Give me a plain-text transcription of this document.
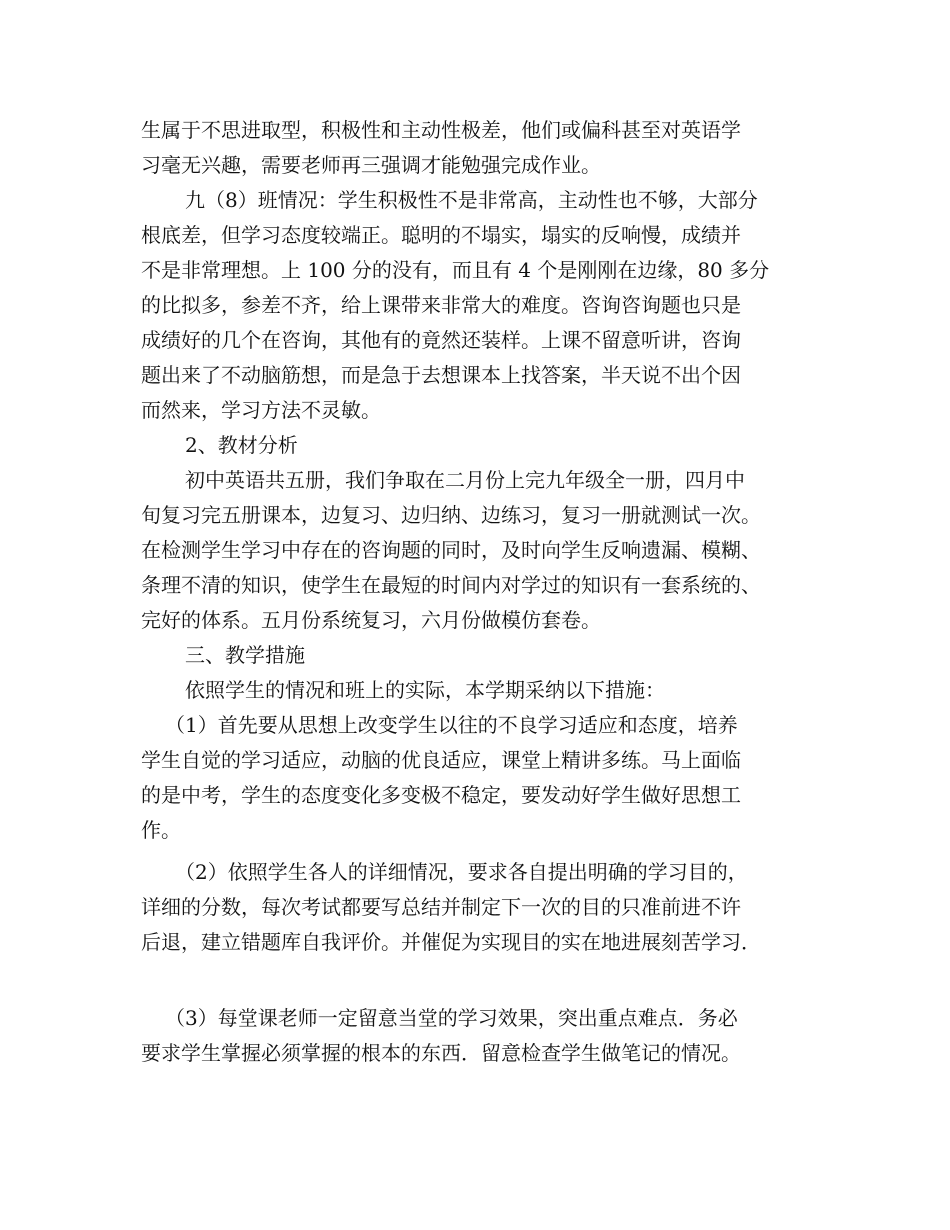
生属于不思进取型，积极性和主动性极差，他们或偏科甚至对英语学
习毫无兴趣，需要老师再三强调才能勉强完成作业。
九（8）班情况：学生积极性不是非常高，主动性也不够，大部分
根底差，但学习态度较端正。聪明的不塌实，塌实的反响慢，成绩并
不是非常理想。上 100 分的没有，而且有 4 个是刚刚在边缘，80 多分
的比拟多，参差不齐，给上课带来非常大的难度。咨询咨询题也只是
成绩好的几个在咨询，其他有的竟然还装样。上课不留意听讲，咨询
题出来了不动脑筋想，而是急于去想课本上找答案，半天说不出个因
而然来，学习方法不灵敏。
2、教材分析
初中英语共五册，我们争取在二月份上完九年级全一册，四月中
旬复习完五册课本，边复习、边归纳、边练习，复习一册就测试一次。
在检测学生学习中存在的咨询题的同时，及时向学生反响遗漏、模糊、
条理不清的知识，使学生在最短的时间内对学过的知识有一套系统的、
完好的体系。五月份系统复习，六月份做模仿套卷。
三、教学措施
依照学生的情况和班上的实际，本学期采纳以下措施：
（1）首先要从思想上改变学生以往的不良学习适应和态度，培养
学生自觉的学习适应，动脑的优良适应，课堂上精讲多练。马上面临
的是中考，学生的态度变化多变极不稳定，要发动好学生做好思想工
作。
（2）依照学生各人的详细情况，要求各自提出明确的学习目的，
详细的分数，每次考试都要写总结并制定下一次的目的只准前进不许
后退，建立错题库自我评价。并催促为实现目的实在地进展刻苦学习．
（3）每堂课老师一定留意当堂的学习效果，突出重点难点．务必
要求学生掌握必须掌握的根本的东西．留意检查学生做笔记的情况。
